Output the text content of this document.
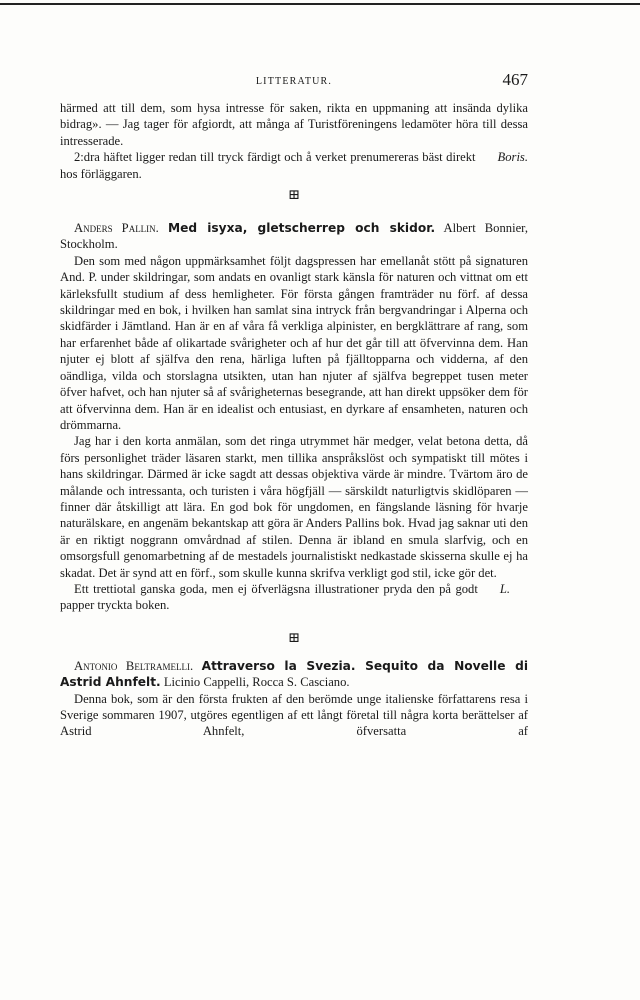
LITTERATUR.	467

härmed att till dem, som hysa intresse för saken, rikta en uppmaning att insända dylika bidrag». — Jag tager för afgiordt, att många af Turistföreningens ledamöter höra till dessa intresserade.

Boris.
2:dra häftet ligger redan till tryck färdigt och å verket prenumereras bäst direkt hos förläggaren.

⊞

Anders Pallin. Med isyxa, gletscherrep och skidor. Albert Bonnier, Stockholm.

Den som med någon uppmärksamhet följt dagspressen har emellanåt stött på signaturen And. P. under skildringar, som andats en ovanligt stark känsla för naturen och vittnat om ett kärleksfullt studium af dess hemligheter. För första gången framträder nu förf. af dessa skildringar med en bok, i hvilken han samlat sina intryck från bergvandringar i Alperna och skidfärder i Jämtland. Han är en af våra få verkliga alpinister, en bergklättrare af rang, som har erfarenhet både af olikartade svårigheter och af hur det går till att öfvervinna dem. Han njuter ej blott af själfva den rena, härliga luften på fjälltopparna och vidderna, af den oändliga, vilda och storslagna utsikten, utan han njuter af själfva begreppet tusen meter öfver hafvet, och han njuter så af svårigheternas besegrande, att han direkt uppsöker dem för att öfvervinna dem. Han är en idealist och entusiast, en dyrkare af ensamheten, naturen och drömmarna.

Jag har i den korta anmälan, som det ringa utrymmet här medger, velat betona detta, då förs personlighet träder läsaren starkt, men tillika anspråkslöst och sympatiskt till mötes i hans skildringar. Därmed är icke sagdt att dessas objektiva värde är mindre. Tvärtom äro de målande och intressanta, och turisten i våra högfjäll — särskildt naturligtvis skidlöparen — finner där åtskilligt att lära. En god bok för ungdomen, en fängslande läsning för hvarje naturälskare, en angenäm bekantskap att göra är Anders Pallins bok. Hvad jag saknar uti den är en riktigt noggrann omvårdnad af stilen. Denna är ibland en smula slarfvig, och en omsorgsfull genomarbetning af de mestadels journalistiskt nedkastade skisserna skulle ej ha skadat. Det är synd att en förf., som skulle kunna skrifva verkligt god stil, icke gör det.

L.
Ett trettiotal ganska goda, men ej öfverlägsna illustrationer pryda den på godt papper tryckta boken.

⊞

Antonio Beltramelli. Attraverso la Svezia. Sequito da Novelle di Astrid Ahnfelt. Licinio Cappelli, Rocca S. Casciano.

Denna bok, som är den första frukten af den berömde unge italienske författarens resa i Sverige sommaren 1907, utgöres egentligen af ett långt företal till några korta berättelser af Astrid Ahnfelt, öfversatta af
